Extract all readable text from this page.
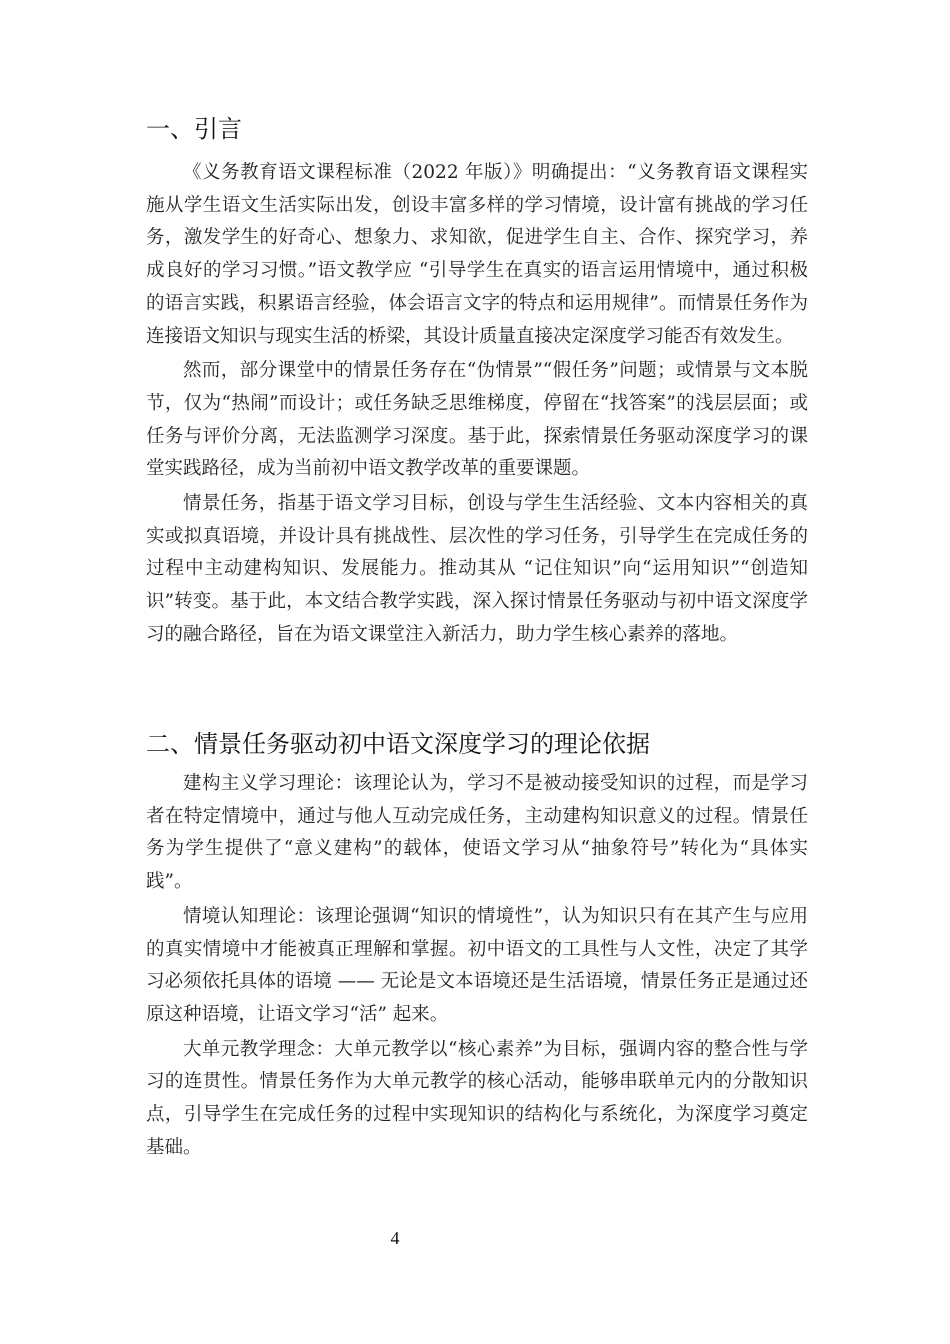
一、引言

《义务教育语文课程标准（2022 年版）》明确提出：“义务教育语文课程实施从学生语文生活实际出发，创设丰富多样的学习情境，设计富有挑战的学习任务，激发学生的好奇心、想象力、求知欲，促进学生自主、合作、探究学习，养成良好的学习习惯。”语文教学应 “引导学生在真实的语言运用情境中，通过积极的语言实践，积累语言经验，体会语言文字的特点和运用规律”。而情景任务作为连接语文知识与现实生活的桥梁，其设计质量直接决定深度学习能否有效发生。

然而，部分课堂中的情景任务存在“伪情景”“假任务”问题；或情景与文本脱节，仅为“热闹”而设计；或任务缺乏思维梯度，停留在“找答案”的浅层层面；或任务与评价分离，无法监测学习深度。基于此，探索情景任务驱动深度学习的课堂实践路径，成为当前初中语文教学改革的重要课题。

情景任务，指基于语文学习目标，创设与学生生活经验、文本内容相关的真实或拟真语境，并设计具有挑战性、层次性的学习任务，引导学生在完成任务的过程中主动建构知识、发展能力。推动其从 “记住知识”向“运用知识”“创造知识”转变。基于此，本文结合教学实践，深入探讨情景任务驱动与初中语文深度学习的融合路径，旨在为语文课堂注入新活力，助力学生核心素养的落地。

二、情景任务驱动初中语文深度学习的理论依据

建构主义学习理论：该理论认为，学习不是被动接受知识的过程，而是学习者在特定情境中，通过与他人互动完成任务，主动建构知识意义的过程。情景任务为学生提供了“意义建构”的载体，使语文学习从“抽象符号”转化为“具体实践”。

情境认知理论：该理论强调“知识的情境性”，认为知识只有在其产生与应用的真实情境中才能被真正理解和掌握。初中语文的工具性与人文性，决定了其学习必须依托具体的语境 —— 无论是文本语境还是生活语境，情景任务正是通过还原这种语境，让语文学习“活” 起来。

大单元教学理念：大单元教学以“核心素养”为目标，强调内容的整合性与学习的连贯性。情景任务作为大单元教学的核心活动，能够串联单元内的分散知识点，引导学生在完成任务的过程中实现知识的结构化与系统化，为深度学习奠定基础。

4
